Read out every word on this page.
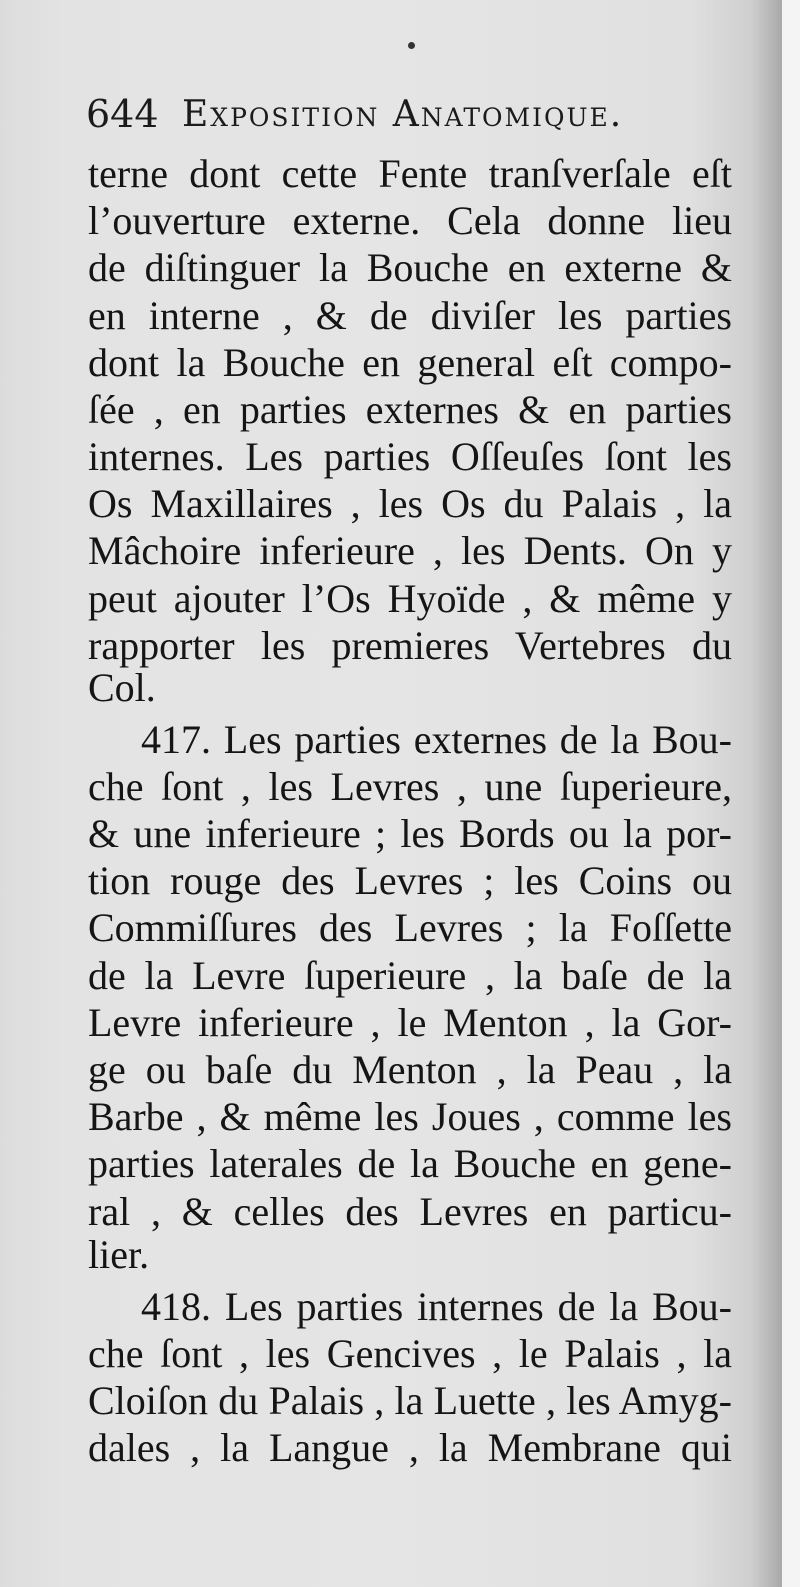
644 Exposition Anatomique.
terne dont cette Fente tranſverſale eſt
l’ouverture externe. Cela donne lieu
de diſtinguer la Bouche en externe &
en interne , & de diviſer les parties
dont la Bouche en general eſt compo-
ſée , en parties externes & en parties
internes. Les parties Oſſeuſes ſont les
Os Maxillaires , les Os du Palais , la
Mâchoire inferieure , les Dents. On y
peut ajouter l’Os Hyoïde , & même y
rapporter les premieres Vertebres du
Col.
417. Les parties externes de la Bou-
che ſont , les Levres , une ſuperieure,
& une inferieure ; les Bords ou la por-
tion rouge des Levres ; les Coins ou
Commiſſures des Levres ; la Foſſette
de la Levre ſuperieure , la baſe de la
Levre inferieure , le Menton , la Gor-
ge ou baſe du Menton , la Peau , la
Barbe , & même les Joues , comme les
parties laterales de la Bouche en gene-
ral , & celles des Levres en particu-
lier.
418. Les parties internes de la Bou-
che ſont , les Gencives , le Palais , la
Cloiſon du Palais , la Luette , les Amyg-
dales , la Langue , la Membrane qui
